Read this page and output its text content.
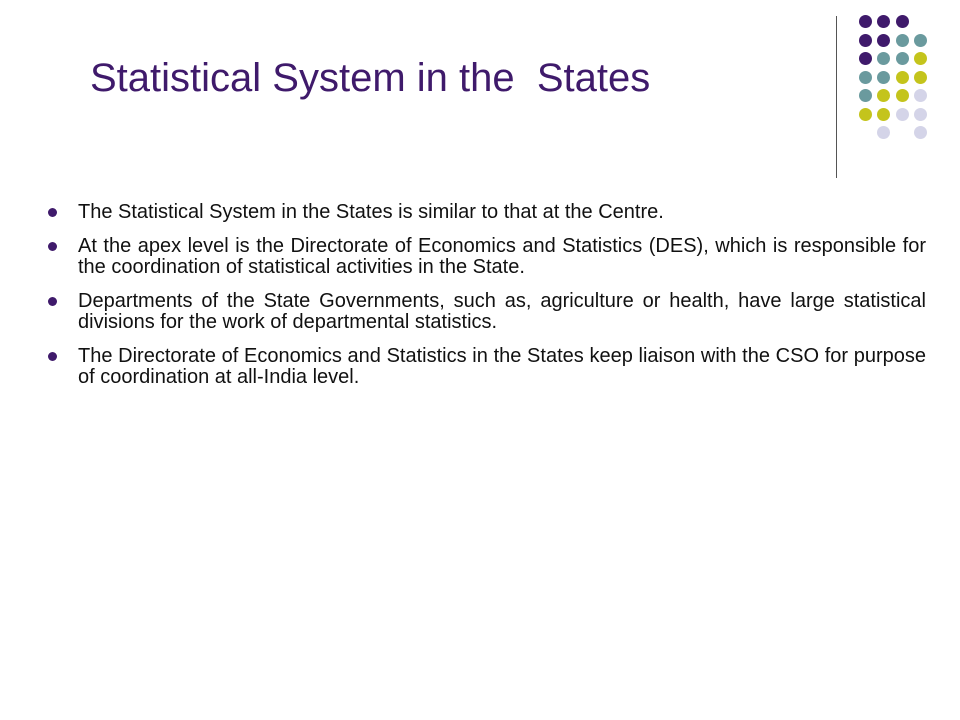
Statistical System in the  States
The Statistical System in the States is similar to that at the Centre.
At the apex level is the Directorate of Economics and Statistics (DES), which is responsible for the coordination of statistical activities in the State.
Departments of the State Governments, such as, agriculture or health, have large statistical divisions for the work of departmental statistics.
The Directorate of Economics and Statistics in the States keep liaison with the CSO for purpose of coordination at all-India level.
